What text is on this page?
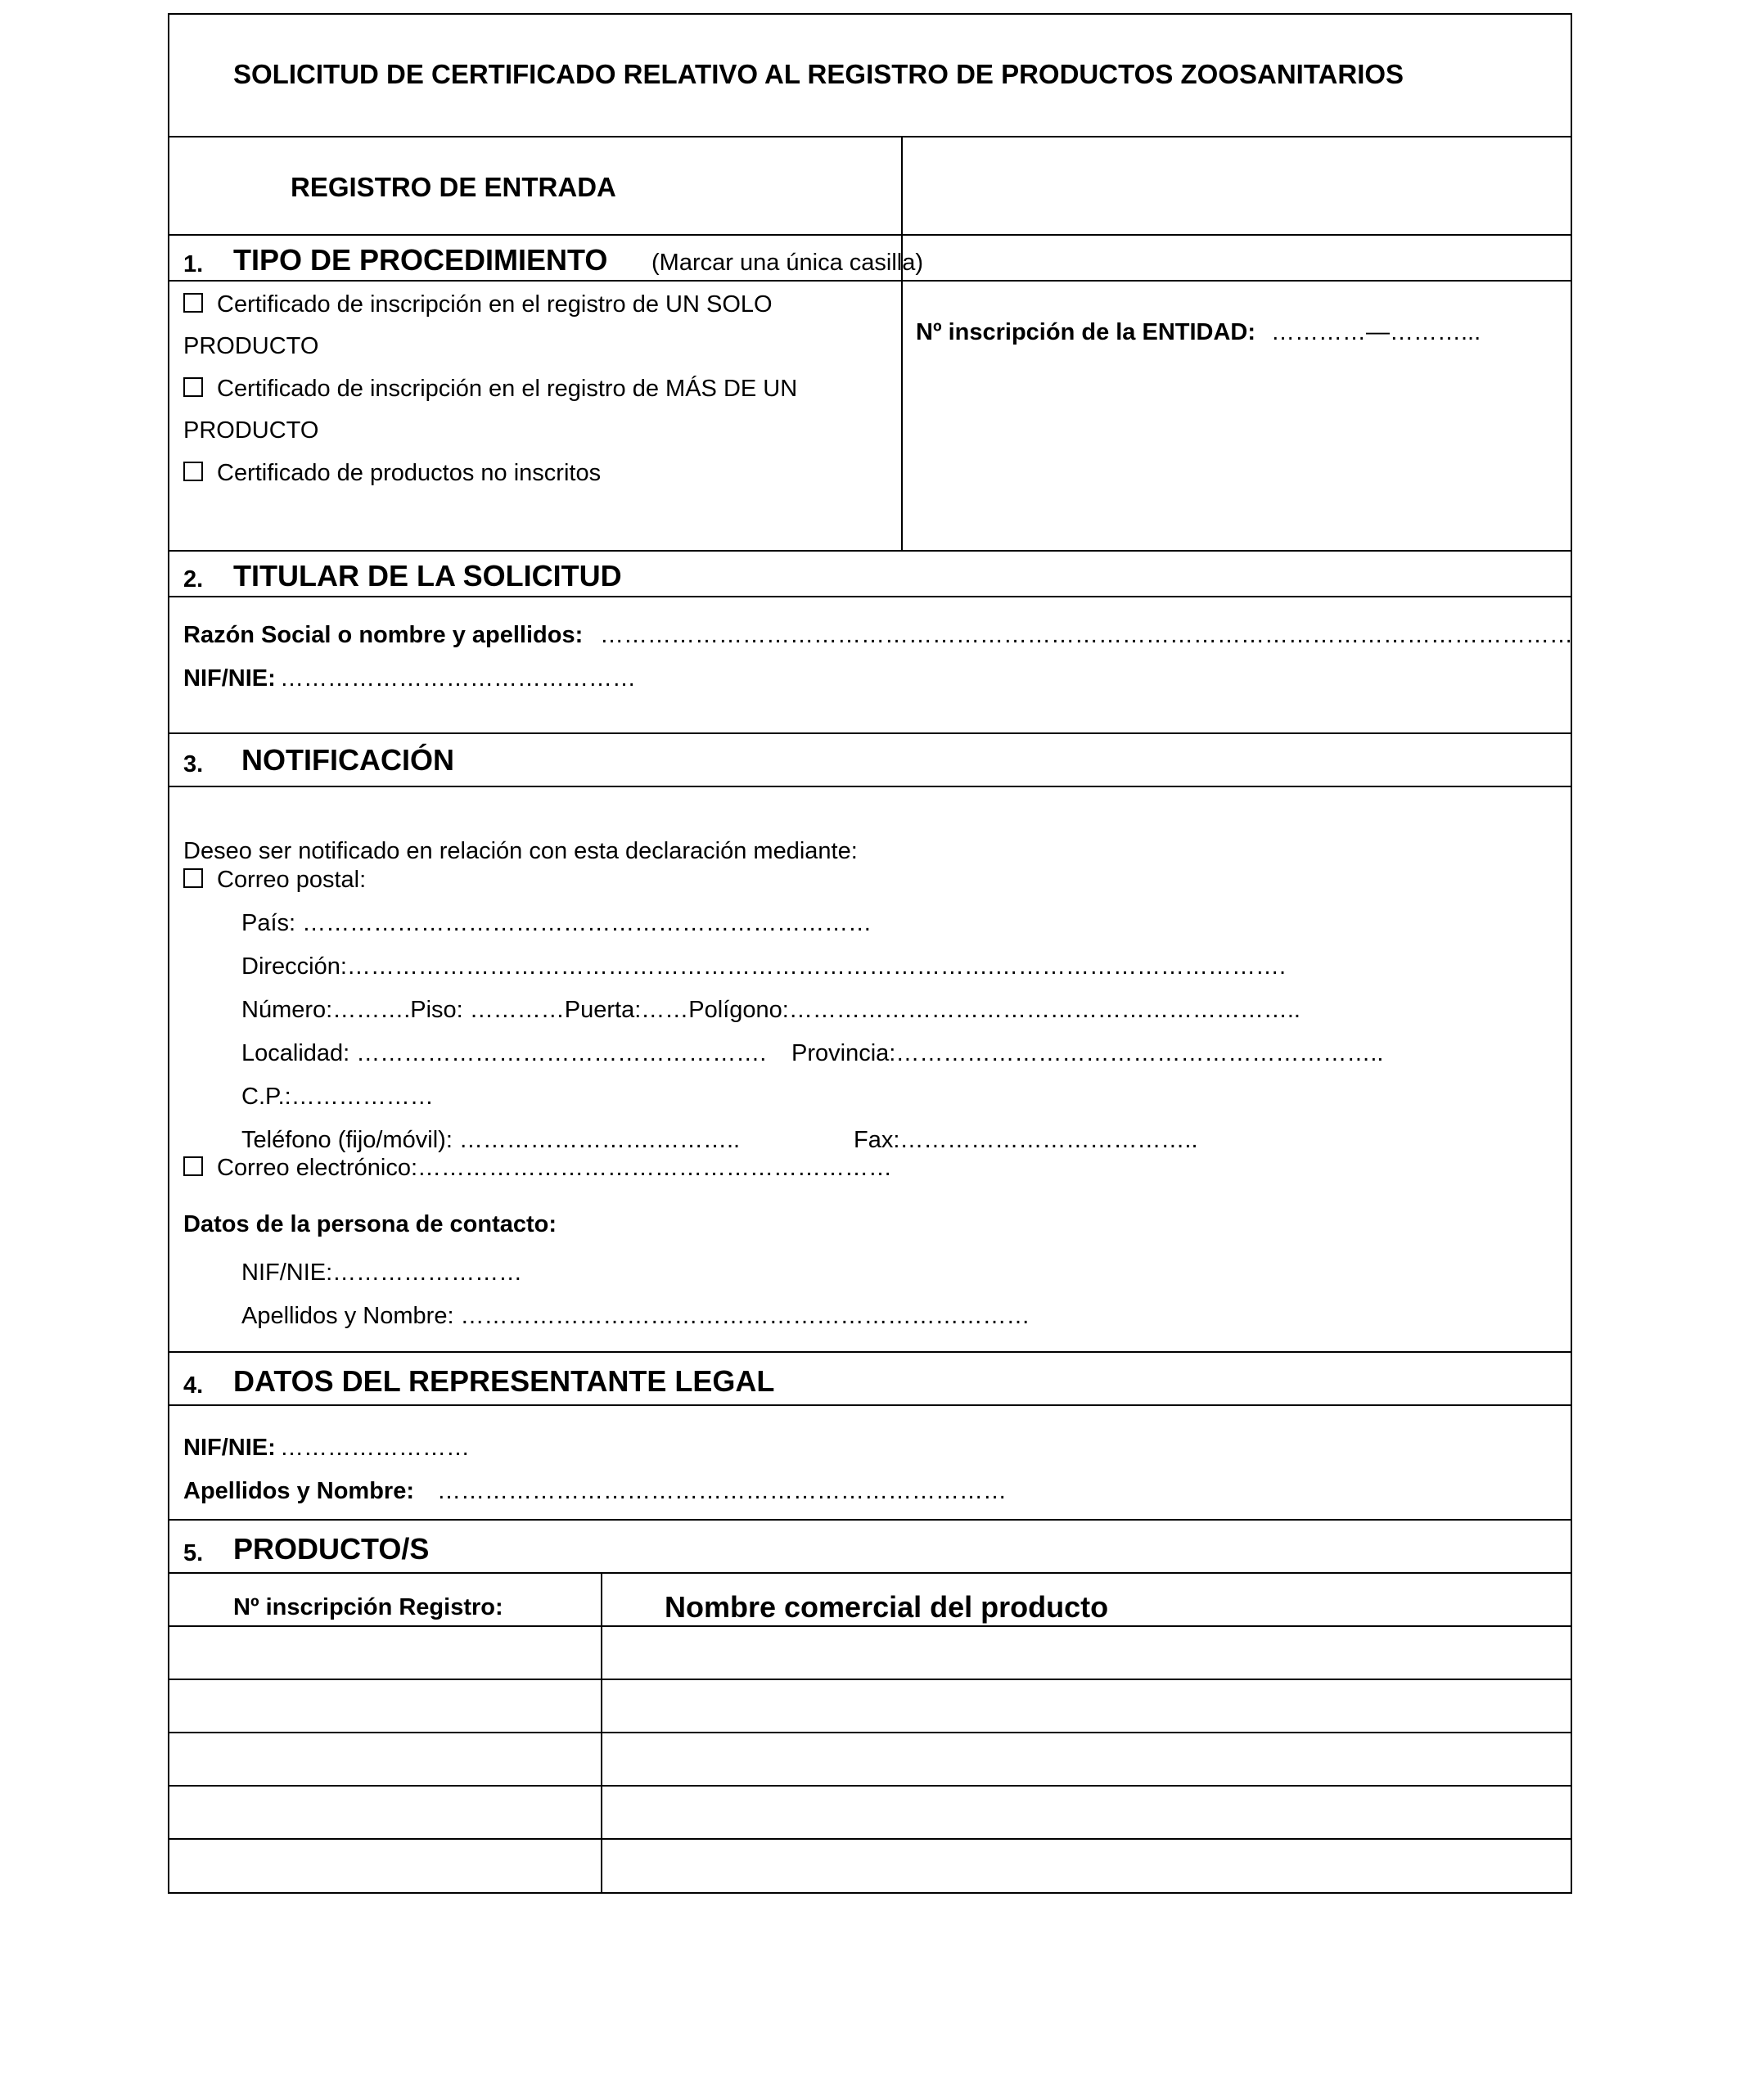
SOLICITUD DE CERTIFICADO RELATIVO AL REGISTRO DE PRODUCTOS ZOOSANITARIOS
REGISTRO DE ENTRADA
1. TIPO DE PROCEDIMIENTO (Marcar una única casilla)
Certificado de inscripción en el registro de UN SOLO
PRODUCTO
Certificado de inscripción en el registro de MÁS DE UN
PRODUCTO
Certificado de productos no inscritos
Nº inscripción de la ENTIDAD: …………—………...
2. TITULAR DE LA SOLICITUD
Razón Social o nombre y apellidos: ……………………………………………………………………………………………………………
NIF/NIE: ………………………………………
3. NOTIFICACIÓN
Deseo ser notificado en relación con esta declaración mediante:
Correo postal:
País: ………………………………………………………………
Dirección:……………………………………………………………………….……………………………….
Número:……….Piso: …………Puerta:……Polígono:………………………………………………………..
Localidad: ……………………………………………. Provincia:……………………………………………………..
C.P.:………………
Teléfono (fijo/móvil): …………………….………..	Fax:………………………………..
Correo electrónico:……………………………………………………
Datos de la persona de contacto:
NIF/NIE:……………………
Apellidos y Nombre: ………………………………………………………………
4. DATOS DEL REPRESENTANTE LEGAL
NIF/NIE: ……………………
Apellidos y Nombre: ………………………………………………………………
5. PRODUCTO/S
Nº inscripción Registro:	Nombre comercial del producto
